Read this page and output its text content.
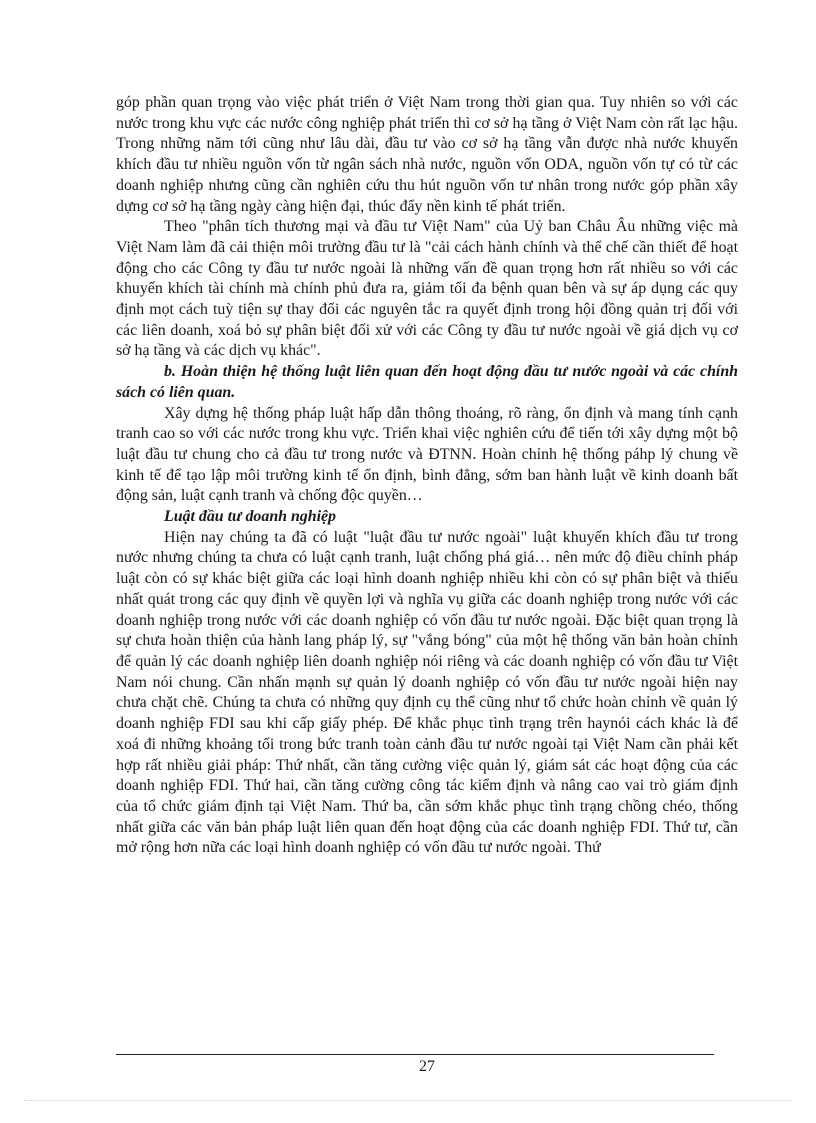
góp phần quan trọng vào việc phát triển ở Việt Nam trong thời gian qua. Tuy nhiên so với các nước trong khu vực các nước công nghiệp phát triển thì cơ sở hạ tầng ở Việt Nam còn rất lạc hậu. Trong những năm tới cũng như lâu dài, đầu tư vào cơ sở hạ tầng vẫn được nhà nước khuyến khích đầu tư nhiều nguồn vốn từ ngân sách nhà nước, nguồn vốn ODA, nguồn vốn tự có từ các doanh nghiệp nhưng cũng cần nghiên cứu thu hút nguồn vốn tư nhân trong nước góp phần xây dựng cơ sở hạ tầng ngày càng hiện đại, thúc đẩy nền kinh tế phát triển.

Theo "phân tích thương mại và đầu tư Việt Nam" của Uỷ ban Châu Âu những việc mà Việt Nam làm đã cải thiện môi trường đầu tư là "cải cách hành chính và thể chế cần thiết để hoạt động cho các Công ty đầu tư nước ngoài là những vấn đề quan trọng hơn rất nhiều so với các khuyến khích tài chính mà chính phủ đưa ra, giảm tối đa bệnh quan bên và sự áp dụng các quy định mọt cách tuỳ tiện sự thay đổi các nguyên tắc ra quyết định trong hội đồng quản trị đối với các liên doanh, xoá bỏ sự phân biệt đối xử với các Công ty đầu tư nước ngoài về giá dịch vụ cơ sở hạ tầng và các dịch vụ khác".

b. Hoàn thiện hệ thống luật liên quan đến hoạt động đầu tư nước ngoài và các chính sách có liên quan.

Xây dựng hệ thống pháp luật hấp dẫn thông thoáng, rõ ràng, ổn định và mang tính cạnh tranh cao so với các nước trong khu vực. Triển khai việc nghiên cứu để tiến tới xây dựng một bộ luật đầu tư chung cho cả đầu tư trong nước và ĐTNN. Hoàn chỉnh hệ thống páhp lý chung về kinh tế để tạo lập môi trường kinh tế ổn định, bình đẳng, sớm ban hành luật về kinh doanh bất động sản, luật cạnh tranh và chống độc quyền…

Luật đầu tư doanh nghiệp

Hiện nay chúng ta đã có luật "luật đầu tư nước ngoài" luật khuyến khích đầu tư trong nước nhưng chúng ta chưa có luật cạnh tranh, luật chống phá giá… nên mức độ điều chỉnh pháp luật còn có sự khác biệt giữa các loại hình doanh nghiệp nhiều khi còn có sự phân biệt và thiếu nhất quát trong các quy định về quyền lợi và nghĩa vụ giữa các doanh nghiệp trong nước với các doanh nghiệp trong nước với các doanh nghiệp có vốn đầu tư nước ngoài. Đặc biệt quan trọng là sự chưa hoàn thiện của hành lang pháp lý, sự "vắng bóng" của một hệ thống văn bản hoàn chỉnh để quản lý các doanh nghiệp liên doanh nghiệp nói riêng và các doanh nghiệp có vốn đầu tư Việt Nam nói chung. Cần nhấn mạnh sự quản lý doanh nghiệp có vốn đầu tư nước ngoài hiện nay chưa chặt chẽ. Chúng ta chưa có những quy định cụ thể cũng như tổ chức hoàn chỉnh về quản lý doanh nghiệp FDI sau khi cấp giấy phép. Để khắc phục tình trạng trên haynói cách khác là để xoá đi những khoảng tối trong bức tranh toàn cảnh đầu tư nước ngoài tại Việt Nam cần phải kết hợp rất nhiều giải pháp: Thứ nhất, cần tăng cường việc quản lý, giám sát các hoạt động của các doanh nghiệp FDI. Thứ hai, cần tăng cường công tác kiểm định và nâng cao vai trò giám định của tổ chức giám định tại Việt Nam. Thứ ba, cần sớm khắc phục tình trạng chồng chéo, thống nhất giữa các văn bản pháp luật liên quan đến hoạt động của các doanh nghiệp FDI. Thứ tư, cần mở rộng hơn nữa các loại hình doanh nghiệp có vốn đầu tư nước ngoài. Thứ

27
